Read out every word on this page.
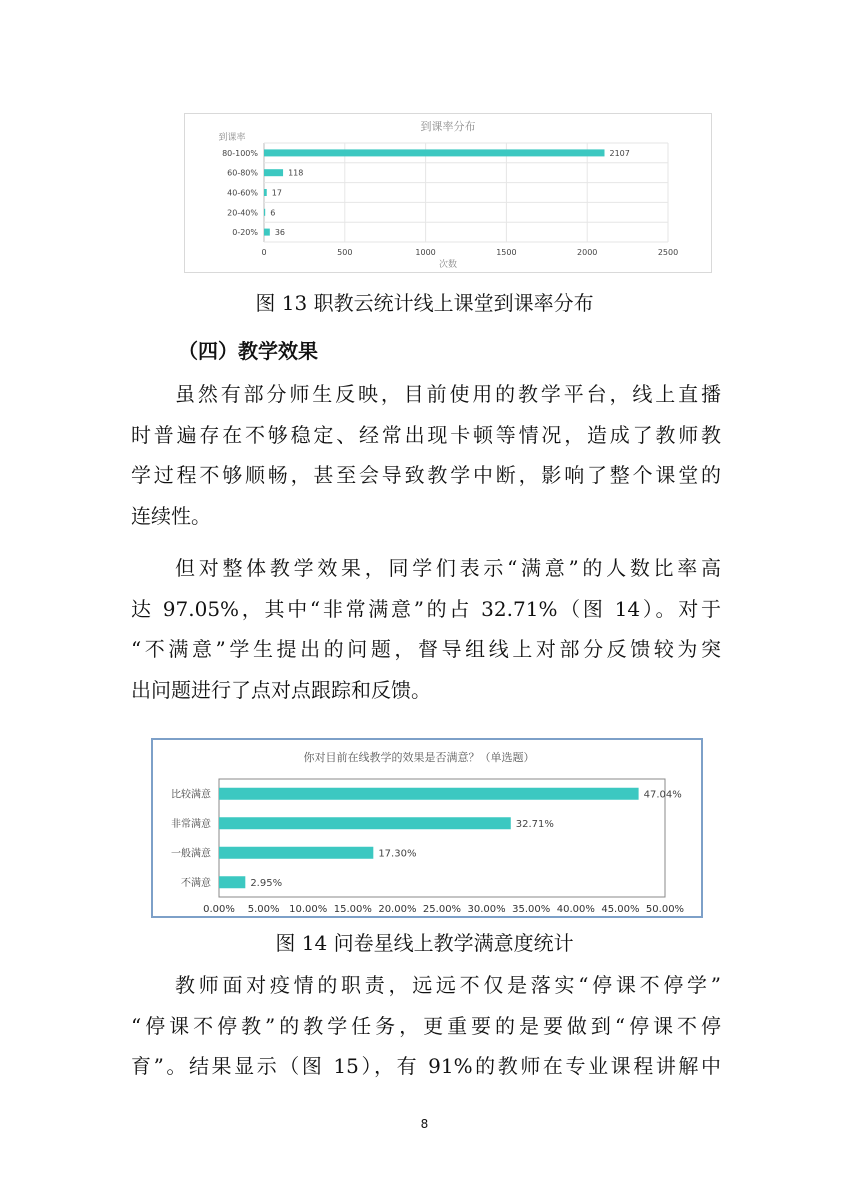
到课率分布
到课率
0	500	1000	1500	2000	2500
80-100%	2107
60-80%	118
40-60% 17
20-40% 6
0-20% 36
次数
图 13 职教云统计线上课堂到课率分布
（四）教学效果
虽然有部分师生反映，目前使用的教学平台，线上直播
时普遍存在不够稳定、经常出现卡顿等情况，造成了教师教
学过程不够顺畅，甚至会导致教学中断，影响了整个课堂的
连续性。
但对整体教学效果，同学们表示“满意”的人数比率高
达 97.05%，其中“非常满意”的占 32.71%（图 14）。对于
“不满意”学生提出的问题，督导组线上对部分反馈较为突
出问题进行了点对点跟踪和反馈。
你对目前在线教学的效果是否满意？（单选题）
比较满意	47.04%
非常满意	32.71%
一般满意	17.30%
不满意	2.95%
0.00% 5.00% 10.00% 15.00% 20.00% 25.00% 30.00% 35.00% 40.00% 45.00% 50.00%
图 14 问卷星线上教学满意度统计
教师面对疫情的职责，远远不仅是落实“停课不停学”
“停课不停教”的教学任务，更重要的是要做到“停课不停
育”。结果显示（图 15），有 91%的教师在专业课程讲解中
8
